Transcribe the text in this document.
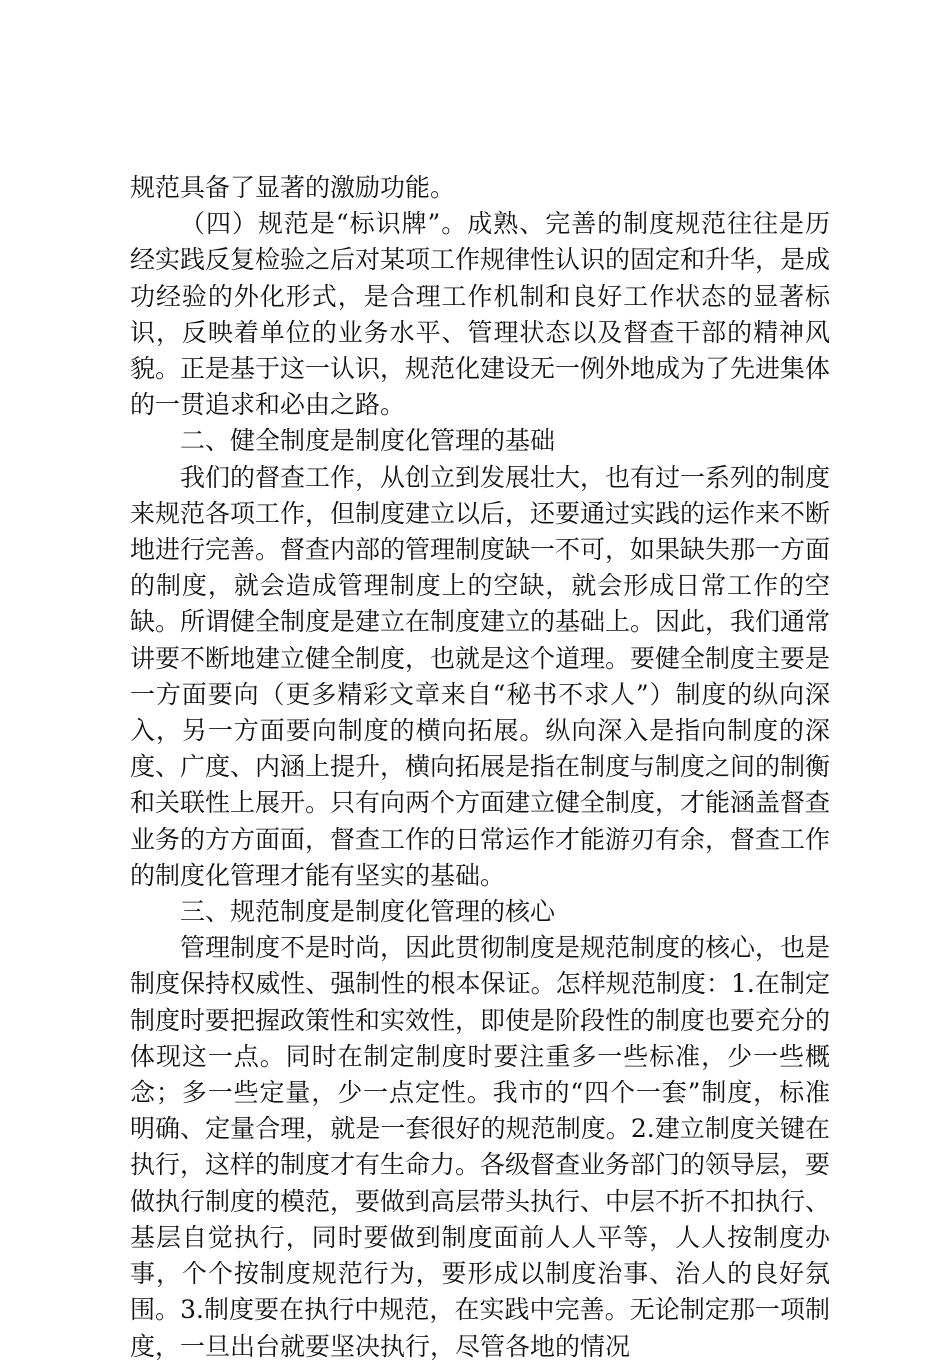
规范具备了显著的激励功能。

（四）规范是“标识牌”。成熟、完善的制度规范往往是历经实践反复检验之后对某项工作规律性认识的固定和升华，是成功经验的外化形式，是合理工作机制和良好工作状态的显著标识，反映着单位的业务水平、管理状态以及督查干部的精神风貌。正是基于这一认识，规范化建设无一例外地成为了先进集体的一贯追求和必由之路。

二、健全制度是制度化管理的基础

我们的督查工作，从创立到发展壮大，也有过一系列的制度来规范各项工作，但制度建立以后，还要通过实践的运作来不断地进行完善。督查内部的管理制度缺一不可，如果缺失那一方面的制度，就会造成管理制度上的空缺，就会形成日常工作的空缺。所谓健全制度是建立在制度建立的基础上。因此，我们通常讲要不断地建立健全制度，也就是这个道理。要健全制度主要是一方面要向（更多精彩文章来自“秘书不求人”）制度的纵向深入，另一方面要向制度的横向拓展。纵向深入是指向制度的深度、广度、内涵上提升，横向拓展是指在制度与制度之间的制衡和关联性上展开。只有向两个方面建立健全制度，才能涵盖督查业务的方方面面，督查工作的日常运作才能游刃有余，督查工作的制度化管理才能有坚实的基础。

三、规范制度是制度化管理的核心

管理制度不是时尚，因此贯彻制度是规范制度的核心，也是制度保持权威性、强制性的根本保证。怎样规范制度：1.在制定制度时要把握政策性和实效性，即使是阶段性的制度也要充分的体现这一点。同时在制定制度时要注重多一些标准，少一些概念；多一些定量，少一点定性。我市的“四个一套”制度，标准明确、定量合理，就是一套很好的规范制度。2.建立制度关键在执行，这样的制度才有生命力。各级督查业务部门的领导层，要做执行制度的模范，要做到高层带头执行、中层不折不扣执行、基层自觉执行，同时要做到制度面前人人平等，人人按制度办事，个个按制度规范行为，要形成以制度治事、治人的良好氛围。3.制度要在执行中规范，在实践中完善。无论制定那一项制度，一旦出台就要坚决执行，尽管各地的情况
